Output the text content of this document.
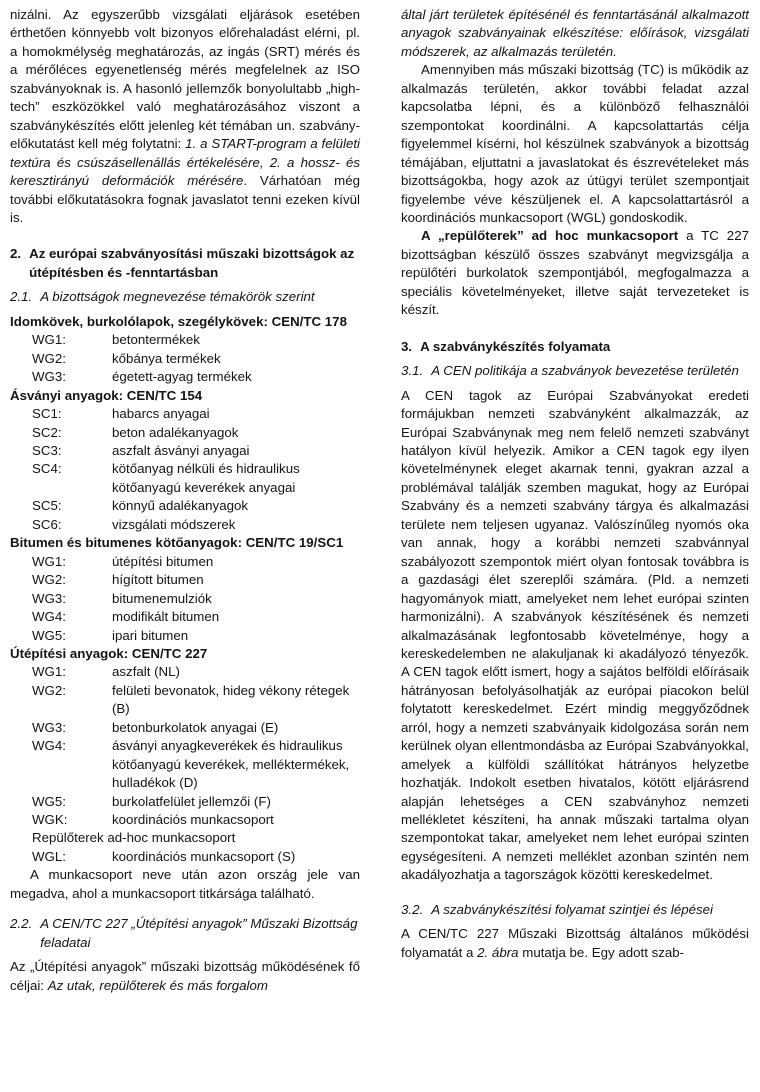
nizálni. Az egyszerűbb vizsgálati eljárások esetében érthetően könnyebb volt bizonyos előrehaladást elérni, pl. a homokmélység meghatározás, az ingás (SRT) mérés és a mérőléces egyenetlenség mérés megfelelnek az ISO szabványoknak is. A hasonló jellemzők bonyolultabb „high-tech” eszközökkel való meghatározásához viszont a szabványkészítés előtt jelenleg két témában un. szabvány-előkutatást kell még folytatni: 1. a START-program a felületi textúra és csúszásellenállás értékelésére, 2. a hossz- és keresztirányú deformációk mérésére. Várhatóan még további előkutatásokra fognak javaslatot tenni ezeken kívül is.

2. Az európai szabványosítási műszaki bizottságok az útépítésben és -fenntartásban
2.1. A bizottságok megnevezése témakörök szerint

Idomkövek, burkolólapok, szegélykövek: CEN/TC 178

WG1:	betontermékek
WG2:	kőbánya termékek
WG3:	égetett-agyag termékek

Ásványi anyagok: CEN/TC 154

SC1:	habarcs anyagai
SC2:	beton adalékanyagok
SC3:	aszfalt ásványi anyagai
SC4:	kötőanyag nélküli és hidraulikus kötőanyagú keverékek anyagai
SC5:	könnyű adalékanyagok
SC6:	vizsgálati módszerek

Bitumen és bitumenes kötőanyagok: CEN/TC 19/SC1

WG1:	útépítési bitumen
WG2:	hígított bitumen
WG3:	bitumenemulziók
WG4:	modifikált bitumen
WG5:	ipari bitumen

Útépítési anyagok: CEN/TC 227

WG1:	aszfalt (NL)
WG2:	felületi bevonatok, hideg vékony rétegek (B)
WG3:	betonburkolatok anyagai (E)
WG4:	ásványi anyagkeverékek és hidraulikus kötőanyagú keverékek, melléktermékek, hulladékok (D)
WG5:	burkolatfelület jellemzői (F)
WGK:	koordinációs munkacsoport

Repülőterek ad-hoc munkacsoport

WGL:	koordinációs munkacsoport (S)

A munkacsoport neve után azon ország jele van megadva, ahol a munkacsoport titkársága található.

2.2. A CEN/TC 227 „Útépítési anyagok” Műszaki Bizottság feladatai

Az „Útépítési anyagok” műszaki bizottság működésének fő céljai: Az utak, repülőterek és más forgalom

által járt területek építésénél és fenntartásánál alkalmazott anyagok szabványainak elkészítése: előírások, vizsgálati módszerek, az alkalmazás területén.

Amennyiben más műszaki bizottság (TC) is működik az alkalmazás területén, akkor további feladat azzal kapcsolatba lépni, és a különböző felhasználói szempontokat koordinálni. A kapcsolattartás célja figyelemmel kísérni, hol készülnek szabványok a bizottság témájában, eljuttatni a javaslatokat és észrevételeket más bizottságokba, hogy azok az útügyi terület szempontjait figyelembe véve készüljenek el. A kapcsolattartásról a koordinációs munkacsoport (WGL) gondoskodik.

A „repülőterek” ad hoc munkacsoport a TC 227 bizottságban készülő összes szabványt megvizsgálja a repülőtéri burkolatok szempontjából, megfogalmazza a speciális követelményeket, illetve saját tervezeteket is készít.

3. A szabványkészítés folyamata
3.1. A CEN politikája a szabványok bevezetése területén

A CEN tagok az Európai Szabványokat eredeti formájukban nemzeti szabványként alkalmazzák, az Európai Szabványnak meg nem felelő nemzeti szabványt hatályon kívül helyezik. Amikor a CEN tagok egy ilyen követelménynek eleget akarnak tenni, gyakran azzal a problémával találják szemben magukat, hogy az Európai Szabvány és a nemzeti szabvány tárgya és alkalmazási területe nem teljesen ugyanaz. Valószínűleg nyomós oka van annak, hogy a korábbi nemzeti szabvánnyal szabályozott szempontok miért olyan fontosak továbbra is a gazdasági élet szereplői számára. (Pld. a nemzeti hagyományok miatt, amelyeket nem lehet európai szinten harmonizálni). A szabványok készítésének és nemzeti alkalmazásának legfontosabb követelménye, hogy a kereskedelemben ne alakuljanak ki akadályozó tényezők. A CEN tagok előtt ismert, hogy a sajátos belföldi előírásaik hátrányosan befolyásolhatják az európai piacokon belül folytatott kereskedelmet. Ezért mindig meggyőződnek arról, hogy a nemzeti szabványaik kidolgozása során nem kerülnek olyan ellentmondásba az Európai Szabványokkal, amelyek a külföldi szállítókat hátrányos helyzetbe hozhatják. Indokolt esetben hivatalos, kötött eljárásrend alapján lehetséges a CEN szabványhoz nemzeti mellékletet készíteni, ha annak műszaki tartalma olyan szempontokat takar, amelyeket nem lehet európai szinten egységesíteni. A nemzeti melléklet azonban szintén nem akadályozhatja a tagországok közötti kereskedelmet.

3.2. A szabványkészítési folyamat szintjei és lépései

A CEN/TC 227 Műszaki Bizottság általános működési folyamatát a 2. ábra mutatja be. Egy adott szab-
